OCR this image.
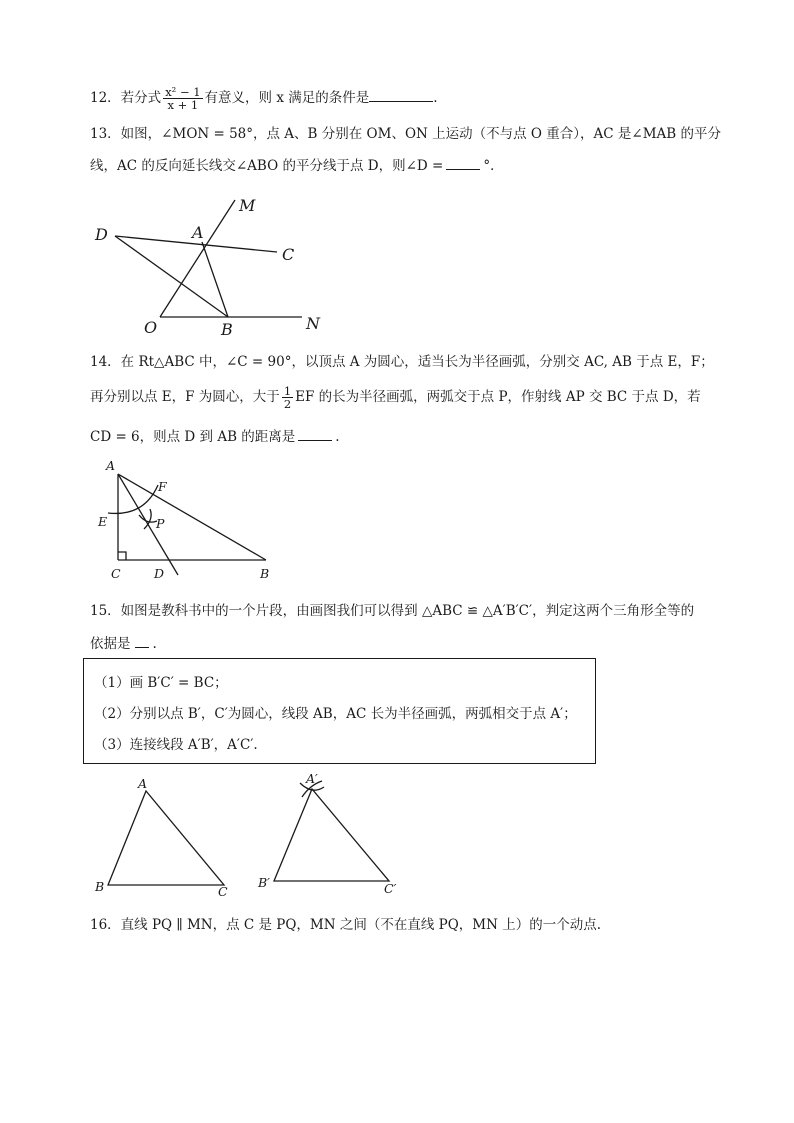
12．若分式 $\frac{\text{x² − 1}}{x + 1}$ 有意义，则 x 满足的条件是	.
13．如图，∠MON = 58°，点 A、B 分别在 OM、ON 上运动（不与点 O 重合），AC 是∠MAB 的平分
线，AC 的反向延长线交∠ABO 的平分线于点 D，则∠D =	°．
M
D	A
C
O	B	N
14．在 Rt△ABC 中，∠C = 90°，以顶点 A 为圆心，适当长为半径画弧，分别交 AC, AB 于点 E，F；
再分别以点 E，F 为圆心，大于 $\frac{1}{2}$ EF 的长为半径画弧，两弧交于点 P，作射线 AP 交 BC 于点 D，若
CD = 6，则点 D 到 AB 的距离是	.
A
F
E	P
C	D	B
15．如图是教科书中的一个片段，由画图我们可以得到 △ABC ≌ △A′B′C′，判定这两个三角形全等的
依据是 .
（1）画 B′C′ = BC；
（2）分别以点 B′，C′为圆心，线段 AB，AC 长为半径画弧，两弧相交于点 A′；
（3）连接线段 A′B′，A′C′.
A
B	C
A′
B′	C′
16．直线 PQ ∥ MN，点 C 是 PQ，MN 之间（不在直线 PQ，MN 上）的一个动点.
